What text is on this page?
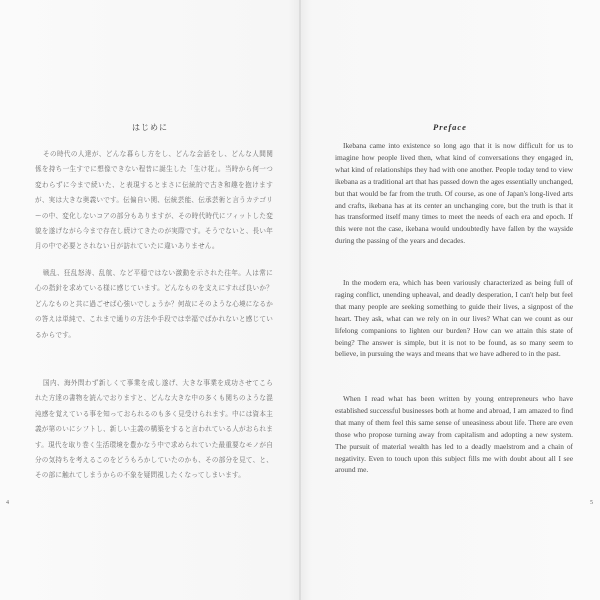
はじめに
4
Preface
5

その時代の人達が、どんな暮らし方をし、どんな会話をし、どんな人間関係を持ち一生すでに想像できない程昔に誕生した「生け花」。当時から何一つ変わらずに今まで続いた、と表現するとまさに伝統的で古き和趣を抱けますが、実は大きな奥義いです。伝偏自い関、伝統芸能、伝承芸術と言うカテゴリーの中、変化しないコアの部分もありますが、その時代時代にフィットした変貌を遂げながら今まで存在し続けてきたのが実際です。そうでないと、長い年月の中で必要とされない日が訪れていたに違いありません。

戦乱、狂乱怒涛、乱航、など平穏ではない激動を示された往年。人は常に心の指針を求めている様に感じています。どんなものを支えにすれば良いか？どんなものと共に過ごせば心強いでしょうか？何故にそのような心境になるかの答えは単純で、これまで通りの方法や手段では幸福でばかれないと感じているからです。

国内、海外問わず新しくて事業を成し遂げ、大きな事業を成功させてこられた方達の書物を読んでおりますと、どんな大きな中の多くも関ちのような混沌感を覚えている事を知っておられるのも多く見受けられます。中には資本主義が第のいにシフトし、新しい主義の構築をすると言われている人がおられます。現代を取り巻く生活環境を豊かなう中で求められていた最重要なモノが自分の気持ちを考えるこのをどうもろかしていたのかも、その部分を見て、と、その部に触れてしまうからの不象を疑問視したくなってしまいます。

Ikebana came into existence so long ago that it is now difficult for us to imagine how people lived then, what kind of conversations they engaged in, what kind of relationships they had with one another. People today tend to view ikebana as a traditional art that has passed down the ages essentially unchanged, but that would be far from the truth. Of course, as one of Japan's long-lived arts and crafts, ikebana has at its center an unchanging core, but the truth is that it has transformed itself many times to meet the needs of each era and epoch. If this were not the case, ikebana would undoubtedly have fallen by the wayside during the passing of the years and decades.

In the modern era, which has been variously characterized as being full of raging conflict, unending upheaval, and deadly desperation, I can't help but feel that many people are seeking something to guide their lives, a signpost of the heart. They ask, what can we rely on in our lives? What can we count as our lifelong companions to lighten our burden? How can we attain this state of being? The answer is simple, but it is not to be found, as so many seem to believe, in pursuing the ways and means that we have adhered to in the past.

When I read what has been written by young entrepreneurs who have established successful businesses both at home and abroad, I am amazed to find that many of them feel this same sense of uneasiness about life. There are even those who propose turning away from capitalism and adopting a new system. The pursuit of material wealth has led to a deadly maelstrom and a chain of negativity. Even to touch upon this subject fills me with doubt about all I see around me.
